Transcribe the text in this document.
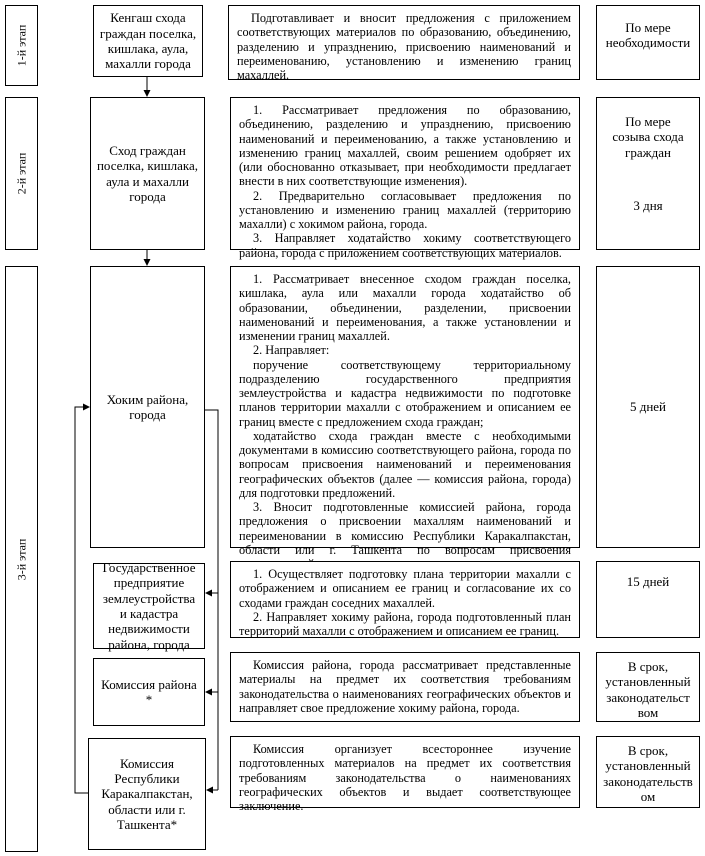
1-й этап
2-й этап
3-й этап
Кенгаш схода граждан поселка, кишлака, аула, махалли города
Сход граждан поселка, кишлака, аула и махалли города
Хоким района, города
Государственное предприятие землеустройства и кадастра недвижимости района, города
Комиссия района *
Комиссия Республики Каракалпакстан, области или г. Ташкента*

Подготавливает и вносит предложения с приложением соответствующих материалов по образованию, объединению, разделению и упразднению, присвоению наименований и переименованию, установлению и изменению границ махаллей.

1. Рассматривает предложения по образованию, объединению, разделению и упразднению, присвоению наименований и переименованию, а также установлению и изменению границ махаллей, своим решением одобряет их (или обоснованно отказывает, при необходимости предлагает внести в них соответствующие изменения).

2. Предварительно согласовывает предложения по установлению и изменению границ махаллей (территорию махалли) с хокимом района, города.

3. Направляет ходатайство хокиму соответствующего района, города с приложением соответствующих материалов.

1. Рассматривает внесенное сходом граждан поселка, кишлака, аула или махалли города ходатайство об образовании, объединении, разделении, присвоении наименований и переименования, а также установлении и изменении границ махаллей.

2. Направляет:

поручение соответствующему территориальному подразделению государственного предприятия землеустройства и кадастра недвижимости по подготовке планов территории махалли с отображением и описанием ее границ вместе с предложением схода граждан;

ходатайство схода граждан вместе с необходимыми документами в комиссию соответствующего района, города по вопросам присвоения наименований и переименования географических объектов (далее — комиссия района, города) для подготовки предложений.

3. Вносит подготовленные комиссией района, города предложения о присвоении махаллям наименований и переименовании в комиссию Республики Каракалпакстан, области или г. Ташкента по вопросам присвоения

1. Осуществляет подготовку плана территории махалли с отображением и описанием ее границ и согласование их со сходами граждан соседних махаллей.

2. Направляет хокиму района, города подготовленный план территорий махалли с отображением и описанием ее границ.

Комиссия района, города рассматривает представленные материалы на предмет их соответствия требованиям законодательства о наименованиях географических объектов и направляет свое предложение хокиму района, города.

Комиссия организует всестороннее изучение подготовленных материалов на предмет их соответствия требованиям законодательства о наименованиях географических объектов и выдает соответствующее заключение.

По мере
необходимости
По мере
созыва схода
граждан
3 дня
5 дней
15 дней
В срок,
установленный
законодательст
вом
В срок,
установленный
законодательств
ом
